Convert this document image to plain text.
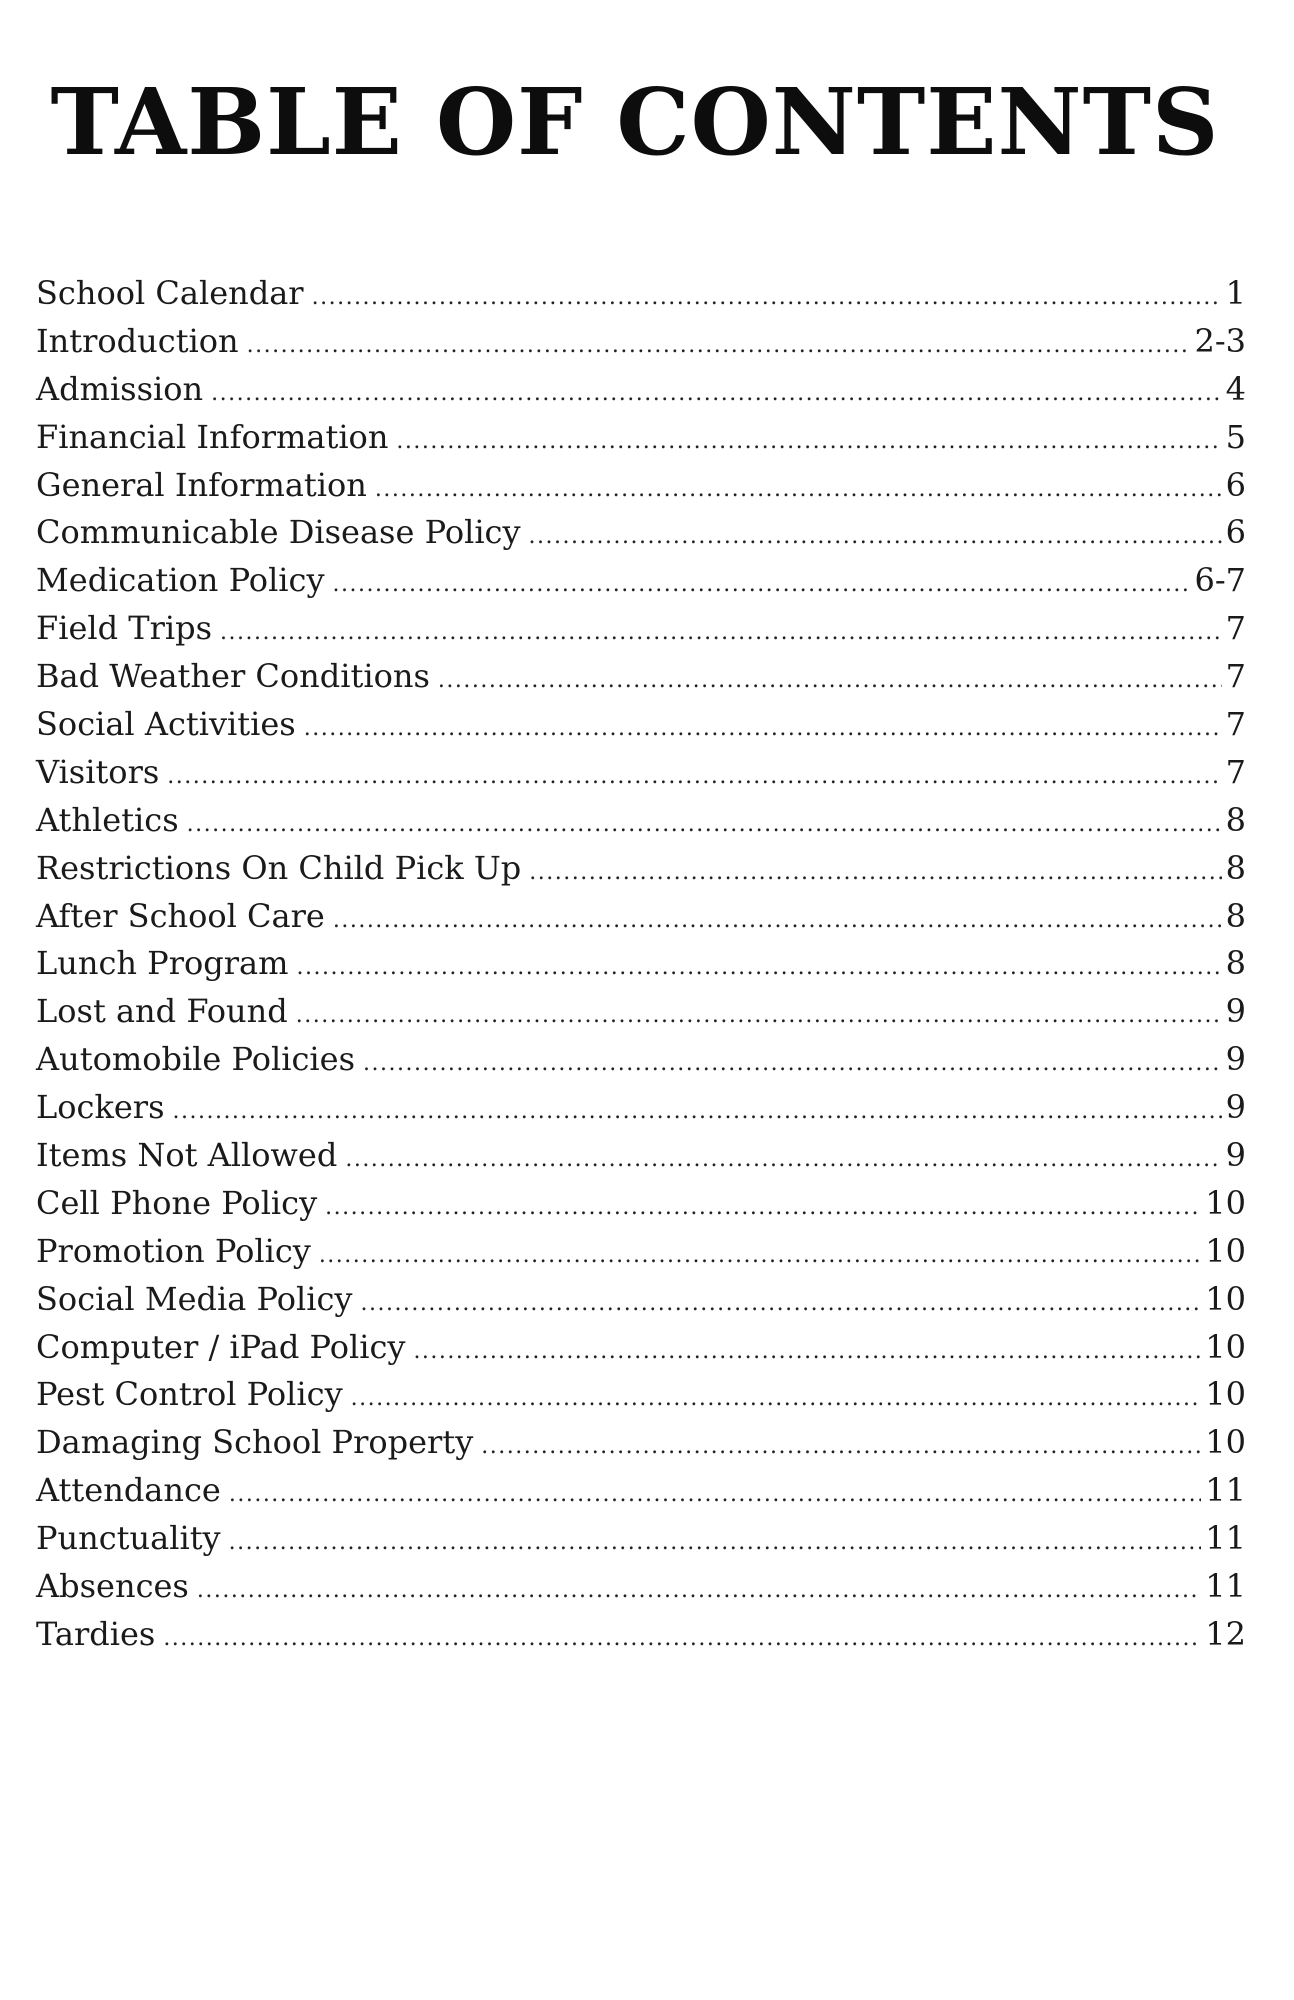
TABLE OF CONTENTS
School Calendar .....	1
Introduction .....	2-3
Admission .....	4
Financial Information .....	5
General Information .....	6
Communicable Disease Policy .....	6
Medication Policy .....	6-7
Field Trips .....	7
Bad Weather Conditions .....	7
Social Activities .....	7
Visitors .....	7
Athletics .....	8
Restrictions On Child Pick Up .....	8
After School Care .....	8
Lunch Program .....	8
Lost and Found .....	9
Automobile Policies .....	9
Lockers .....	9
Items Not Allowed .....	9
Cell Phone Policy .....	10
Promotion Policy .....	10
Social Media Policy .....	10
Computer / iPad Policy .....	10
Pest Control Policy .....	10
Damaging School Property .....	10
Attendance .....	11
Punctuality .....	11
Absences .....	11
Tardies .....	12
